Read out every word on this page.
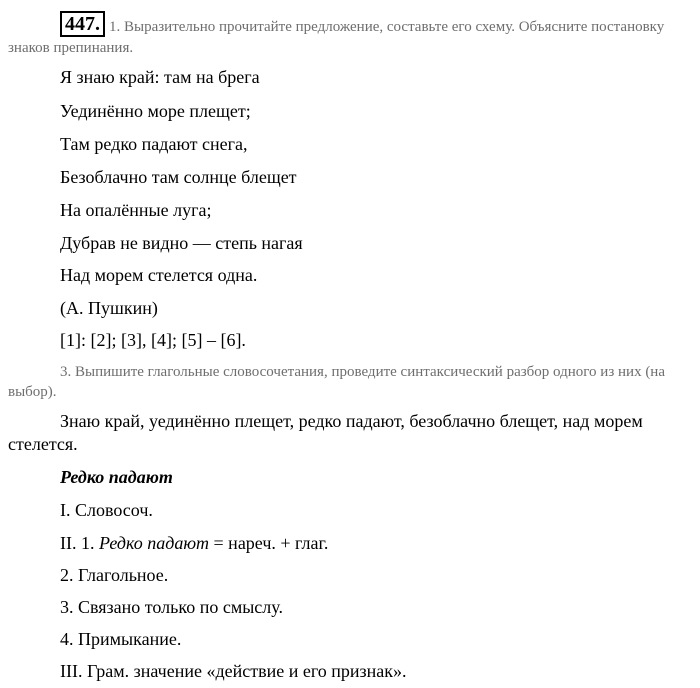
447. 1. Выразительно прочитайте предложение, составьте его схему. Объясните постановку знаков препинания.
Я знаю край: там на брега
Уединённо море плещет;
Там редко падают снега,
Безоблачно там солнце блещет
На опалённые луга;
Дубрав не видно — степь нагая
Над морем стелется одна.
(А. Пушкин)
[1]: [2]; [3], [4]; [5] – [6].
3. Выпишите глагольные словосочетания, проведите синтаксический разбор одного из них (на выбор).
Знаю край, уединённо плещет, редко падают, безоблачно блещет, над морем стелется.
Редко падают
I. Словосоч.
II. 1. Редко падают = нареч. + глаг.
2. Глагольное.
3. Связано только по смыслу.
4. Примыкание.
III. Грам. значение «действие и его признак».
